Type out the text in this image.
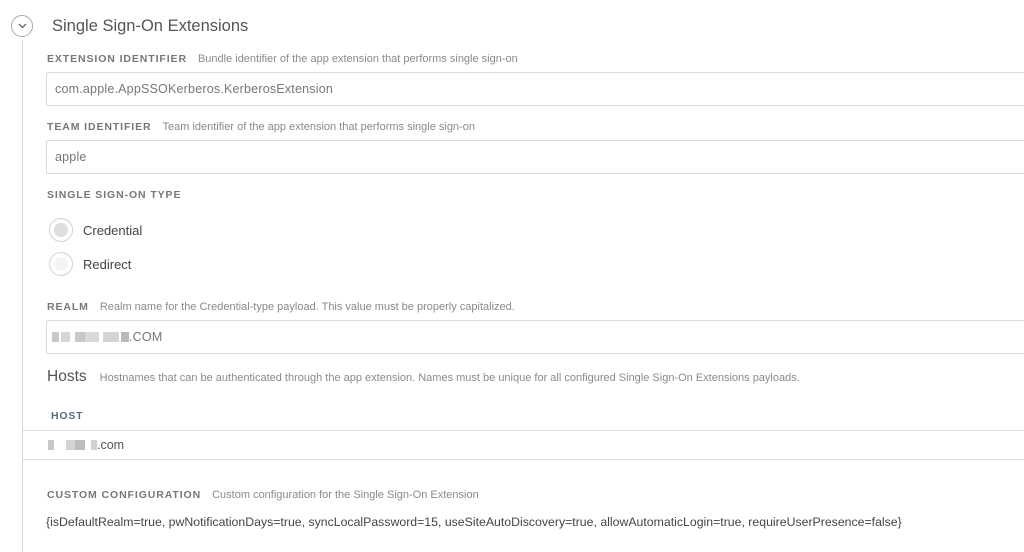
Single Sign-On Extensions
EXTENSION IDENTIFIER Bundle identifier of the app extension that performs single sign-on
com.apple.AppSSOKerberos.KerberosExtension
TEAM IDENTIFIER Team identifier of the app extension that performs single sign-on
apple
SINGLE SIGN-ON TYPE
Credential
Redirect
REALM Realm name for the Credential-type payload. This value must be properly capitalized.
.COM
Hosts Hostnames that can be authenticated through the app extension. Names must be unique for all configured Single Sign-On Extensions payloads.
HOST
.com
CUSTOM CONFIGURATION Custom configuration for the Single Sign-On Extension
{isDefaultRealm=true, pwNotificationDays=true, syncLocalPassword=15, useSiteAutoDiscovery=true, allowAutomaticLogin=true, requireUserPresence=false}
